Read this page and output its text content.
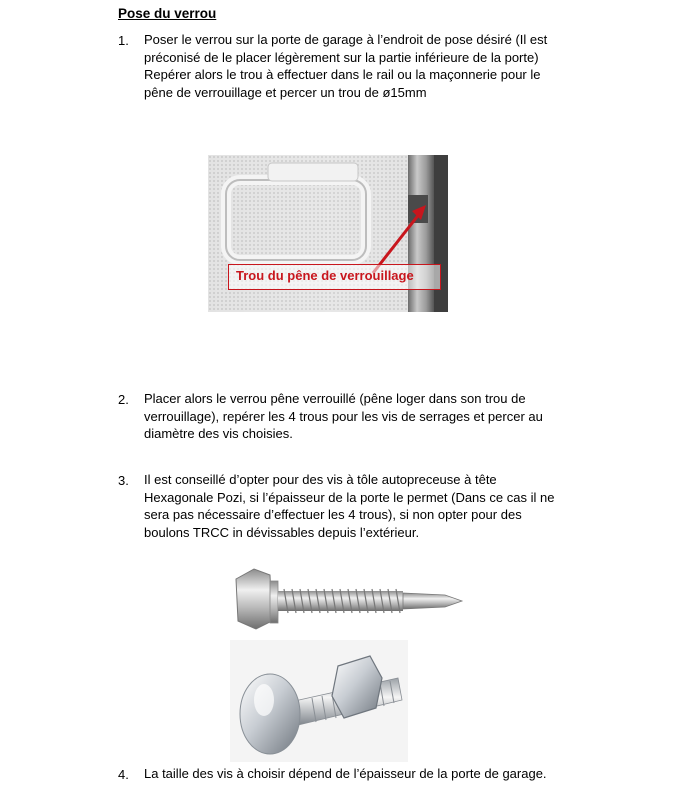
Pose du verrou
1. Poser le verrou sur la porte de garage à l’endroit de pose désiré (Il est
préconisé de le placer légèrement sur la partie inférieure de la porte)
Repérer alors le trou à effectuer dans le rail ou la maçonnerie pour le
pêne de verrouillage et percer un trou de ø15mm
Trou du pêne de verrouillage
2. Placer alors le verrou pêne verrouillé (pêne loger dans son trou de
verrouillage), repérer les 4 trous pour les vis de serrages et percer au
diamètre des vis choisies.
3. Il est conseillé d’opter pour des vis à tôle autopreceuse à tête
Hexagonale Pozi, si l’épaisseur de la porte le permet (Dans ce cas il ne
sera pas nécessaire d’effectuer les 4 trous), si non opter pour des
boulons TRCC in dévissables depuis l’extérieur.
4. La taille des vis à choisir dépend de l’épaisseur de la porte de garage.
